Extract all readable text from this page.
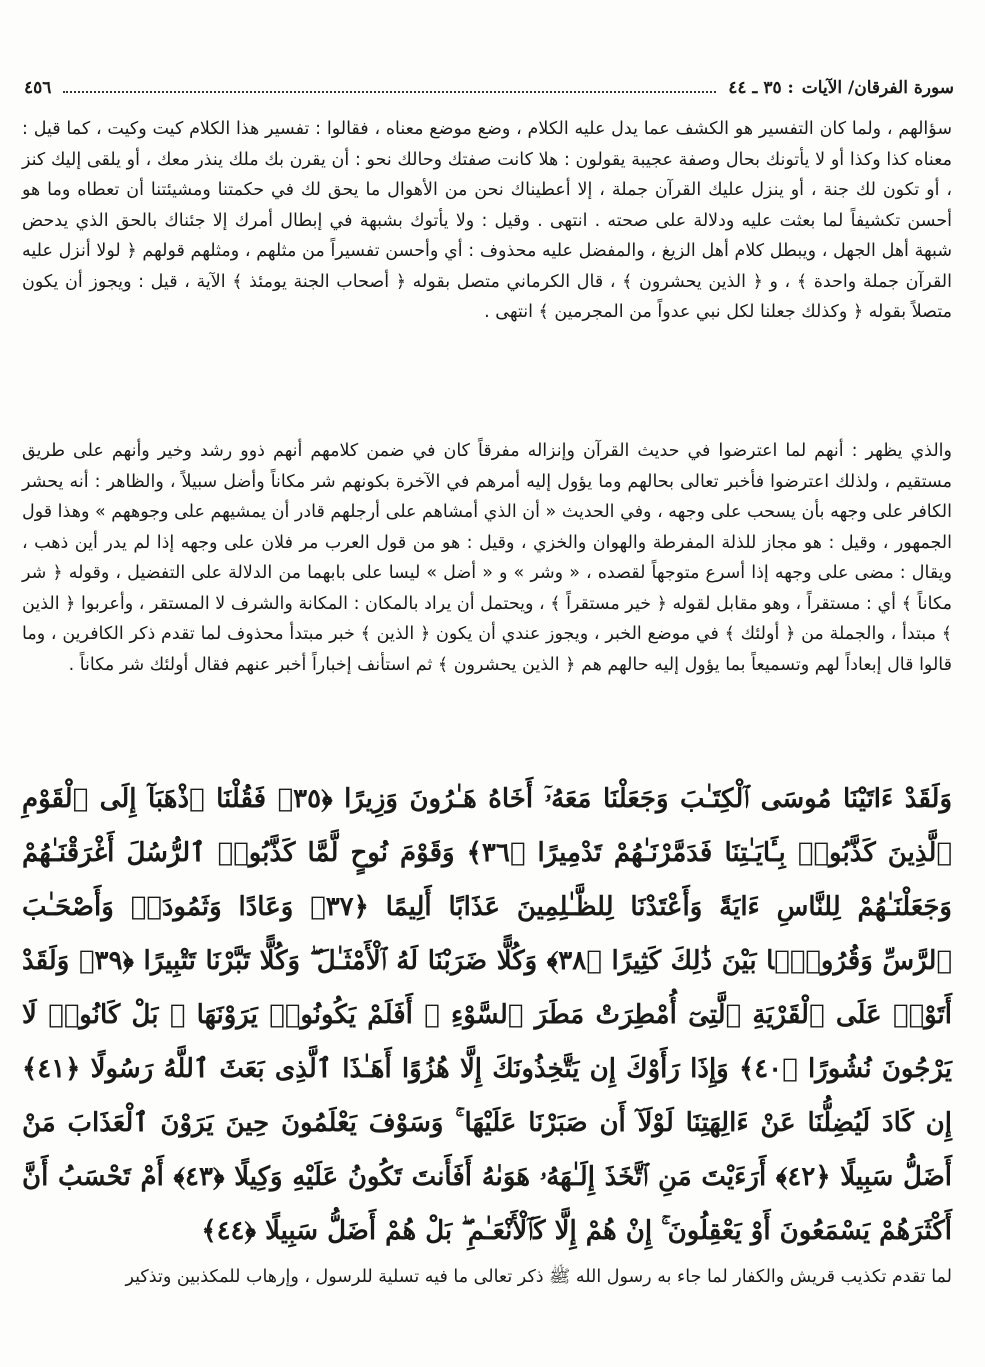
سورة الفرقان/ الآيات
: ٣٥ ـ ٤٤
٤٥٦
سؤالهم ، ولما كان التفسير هو الكشف عما يدل عليه الكلام ، وضع موضع معناه ، فقالوا : تفسير هذا الكلام كيت وكيت ، كما قيل : معناه كذا وكذا أو لا يأتونك بحال وصفة عجيبة يقولون : هلا كانت صفتك وحالك نحو : أن يقرن بك ملك ينذر معك ، أو يلقى إليك كنز ، أو تكون لك جنة ، أو ينزل عليك القرآن جملة ، إلا أعطيناك نحن من الأهوال ما يحق لك في حكمتنا ومشيئتنا أن تعطاه وما هو أحسن تكشيفاً لما بعثت عليه ودلالة على صحته . انتهى . وقيل : ولا يأتوك بشبهة في إبطال أمرك إلا جئناك بالحق الذي يدحض شبهة أهل الجهل ، ويبطل كلام أهل الزيغ ، والمفضل عليه محذوف : أي وأحسن تفسيراً من مثلهم ، ومثلهم قولهم ﴿ لولا أنزل عليه القرآن جملة واحدة ﴾ ، و ﴿ الذين يحشرون ﴾ ، قال الكرماني متصل بقوله ﴿ أصحاب الجنة يومئذ ﴾ الآية ، قيل : ويجوز أن يكون متصلاً بقوله ﴿ وكذلك جعلنا لكل نبي عدواً من المجرمين ﴾ انتهى .
والذي يظهر : أنهم لما اعترضوا في حديث القرآن وإنزاله مفرقاً كان في ضمن كلامهم أنهم ذوو رشد وخير وأنهم على طريق مستقيم ، ولذلك اعترضوا فأخبر تعالى بحالهم وما يؤول إليه أمرهم في الآخرة بكونهم شر مكاناً وأضل سبيلاً ، والظاهر : أنه يحشر الكافر على وجهه بأن يسحب على وجهه ، وفي الحديث « أن الذي أمشاهم على أرجلهم قادر أن يمشيهم على وجوههم » وهذا قول الجمهور ، وقيل : هو مجاز للذلة المفرطة والهوان والخزي ، وقيل : هو من قول العرب مر فلان على وجهه إذا لم يدر أين ذهب ، ويقال : مضى على وجهه إذا أسرع متوجهاً لقصده ، « وشر » و « أضل » ليسا على بابهما من الدلالة على التفضيل ، وقوله ﴿ شر مكاناً ﴾ أي : مستقراً ، وهو مقابل لقوله ﴿ خير مستقراً ﴾ ، ويحتمل أن يراد بالمكان : المكانة والشرف لا المستقر ، وأعربوا ﴿ الذين ﴾ مبتدأ ، والجملة من ﴿ أولئك ﴾ في موضع الخبر ، ويجوز عندي أن يكون ﴿ الذين ﴾ خبر مبتدأ محذوف لما تقدم ذكر الكافرين ، وما قالوا قال إبعاداً لهم وتسميعاً بما يؤول إليه حالهم هم ﴿ الذين يحشرون ﴾ ثم استأنف إخباراً أخبر عنهم فقال أولئك شر مكاناً .
وَلَقَدْ ءَاتَيْنَا مُوسَى ٱلْكِتَـٰبَ وَجَعَلْنَا مَعَهُۥٓ أَخَاهُ هَـٰرُونَ وَزِيرًا ﴿٣٥﴾ فَقُلْنَا ٱذْهَبَآ إِلَى ٱلْقَوْمِ ٱلَّذِينَ كَذَّبُوا۟ بِـَٔايَـٰتِنَا فَدَمَّرْنَـٰهُمْ تَدْمِيرًا ﴿٣٦﴾ وَقَوْمَ نُوحٍ لَّمَّا كَذَّبُوا۟ ٱلرُّسُلَ أَغْرَقْنَـٰهُمْ وَجَعَلْنَـٰهُمْ لِلنَّاسِ ءَايَةً وَأَعْتَدْنَا لِلظَّـٰلِمِينَ عَذَابًا أَلِيمًا ﴿٣٧﴾ وَعَادًا وَثَمُودَا۟ وَأَصْحَـٰبَ ٱلرَّسِّ وَقُرُونًۢا بَيْنَ ذَٰلِكَ كَثِيرًا ﴿٣٨﴾ وَكُلًّا ضَرَبْنَا لَهُ ٱلْأَمْثَـٰلَ ۖ وَكُلًّا تَبَّرْنَا تَتْبِيرًا ﴿٣٩﴾ وَلَقَدْ أَتَوْا۟ عَلَى ٱلْقَرْيَةِ ٱلَّتِىٓ أُمْطِرَتْ مَطَرَ ٱلسَّوْءِ ۚ أَفَلَمْ يَكُونُوا۟ يَرَوْنَهَا ۚ بَلْ كَانُوا۟ لَا يَرْجُونَ نُشُورًا ﴿٤٠﴾ وَإِذَا رَأَوْكَ إِن يَتَّخِذُونَكَ إِلَّا هُزُوًا أَهَـٰذَا ٱلَّذِى بَعَثَ ٱللَّهُ رَسُولًا ﴿٤١﴾ إِن كَادَ لَيُضِلُّنَا عَنْ ءَالِهَتِنَا لَوْلَآ أَن صَبَرْنَا عَلَيْهَا ۚ وَسَوْفَ يَعْلَمُونَ حِينَ يَرَوْنَ ٱلْعَذَابَ مَنْ أَضَلُّ سَبِيلًا ﴿٤٢﴾ أَرَءَيْتَ مَنِ ٱتَّخَذَ إِلَـٰهَهُۥ هَوَىٰهُ أَفَأَنتَ تَكُونُ عَلَيْهِ وَكِيلًا ﴿٤٣﴾ أَمْ تَحْسَبُ أَنَّ أَكْثَرَهُمْ يَسْمَعُونَ أَوْ يَعْقِلُونَ ۚ إِنْ هُمْ إِلَّا كَٱلْأَنْعَـٰمِ ۖ بَلْ هُمْ أَضَلُّ سَبِيلًا ﴿٤٤﴾
لما تقدم تكذيب قريش والكفار لما جاء به رسول الله ﷺ ذكر تعالى ما فيه تسلية للرسول ، وإرهاب للمكذبين وتذكير
